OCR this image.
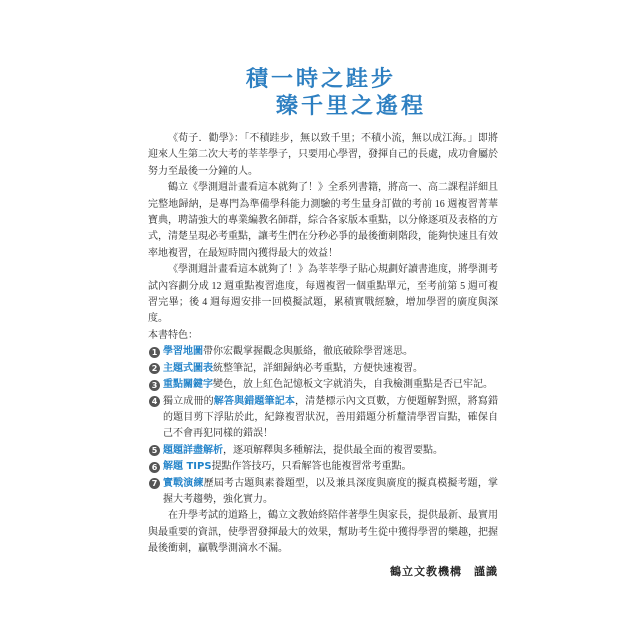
積一時之跬步
臻千里之遙程

《荀子．勸學》：「不積跬步，無以致千里；不積小流，無以成江海。」即將迎來人生第二次大考的莘莘學子，只要用心學習，發揮自己的長處，成功會屬於努力至最後一分鐘的人。

鶴立《學測週計畫看這本就夠了！》全系列書籍，將高一、高二課程詳細且完整地歸納，是專門為準備學科能力測驗的考生量身訂做的考前 16 週複習菁華寶典，聘請強大的專業編教名師群，綜合各家版本重點，以分條逐項及表格的方式，清楚呈現必考重點，讓考生們在分秒必爭的最後衝刺階段，能夠快速且有效率地複習，在最短時間內獲得最大的效益！

《學測週計畫看這本就夠了！》為莘莘學子貼心規劃好讀書進度，將學測考試內容劃分成 12 週重點複習進度，每週複習一個重點單元，至考前第 5 週可複習完畢；後 4 週每週安排一回模擬試題，累積實戰經驗，增加學習的廣度與深度。

本書特色：

1 學習地圖帶你宏觀掌握觀念與脈絡，徹底破除學習迷思。
2 主題式圖表統整筆記，詳細歸納必考重點，方便快速複習。
3 重點關鍵字變色，放上紅色記憶板文字就消失，自我檢測重點是否已牢記。
4 獨立成冊的解答與錯題筆記本，清楚標示內文頁數，方便題解對照，將寫錯的題目剪下浮貼於此，紀錄複習狀況，善用錯題分析釐清學習盲點，確保自己不會再犯同樣的錯誤！
5 題題詳盡解析，逐項解釋與多種解法，提供最全面的複習要點。
6 解題 TIPS提點作答技巧，只看解答也能複習常考重點。
7 實戰演練歷屆考古題與素養題型，以及兼具深度與廣度的擬真模擬考題，掌握大考趨勢，強化實力。

在升學考試的道路上，鶴立文教始終陪伴著學生與家長，提供最新、最實用與最重要的資訊，使學習發揮最大的效果，幫助考生從中獲得學習的樂趣，把握最後衝刺，贏戰學測滴水不漏。

鶴立文教機構　謹識
